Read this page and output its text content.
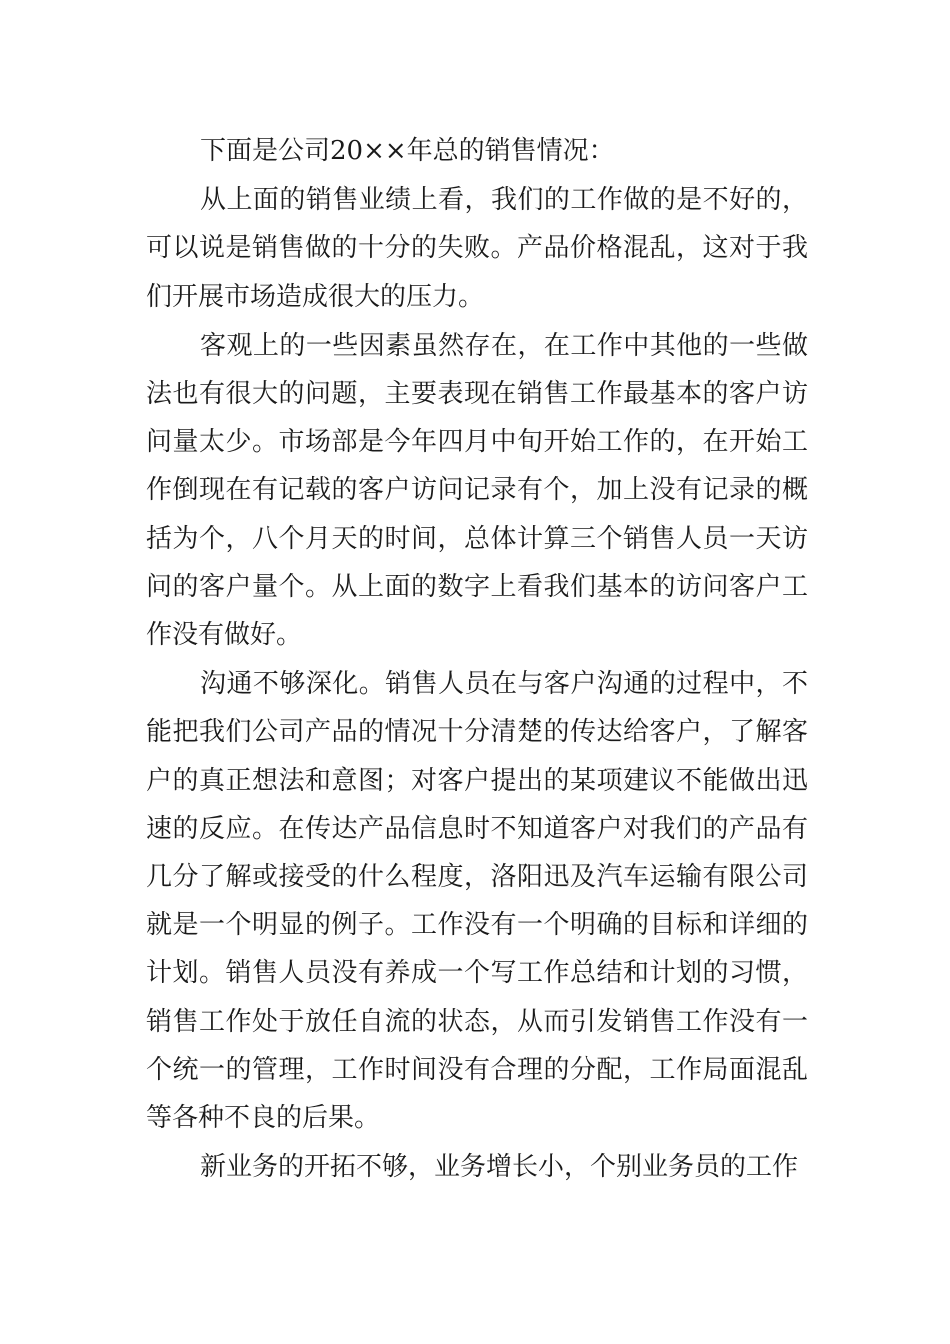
下面是公司20××年总的销售情况：

从上面的销售业绩上看，我们的工作做的是不好的，可以说是销售做的十分的失败。产品价格混乱，这对于我们开展市场造成很大的压力。

客观上的一些因素虽然存在，在工作中其他的一些做法也有很大的问题，主要表现在销售工作最基本的客户访问量太少。市场部是今年四月中旬开始工作的，在开始工作倒现在有记载的客户访问记录有个，加上没有记录的概括为个，八个月天的时间，总体计算三个销售人员一天访问的客户量个。从上面的数字上看我们基本的访问客户工作没有做好。

沟通不够深化。销售人员在与客户沟通的过程中，不能把我们公司产品的情况十分清楚的传达给客户，了解客户的真正想法和意图；对客户提出的某项建议不能做出迅速的反应。在传达产品信息时不知道客户对我们的产品有几分了解或接受的什么程度，洛阳迅及汽车运输有限公司就是一个明显的例子。工作没有一个明确的目标和详细的计划。销售人员没有养成一个写工作总结和计划的习惯，销售工作处于放任自流的状态，从而引发销售工作没有一个统一的管理，工作时间没有合理的分配，工作局面混乱等各种不良的后果。

新业务的开拓不够，业务增长小，个别业务员的工作
